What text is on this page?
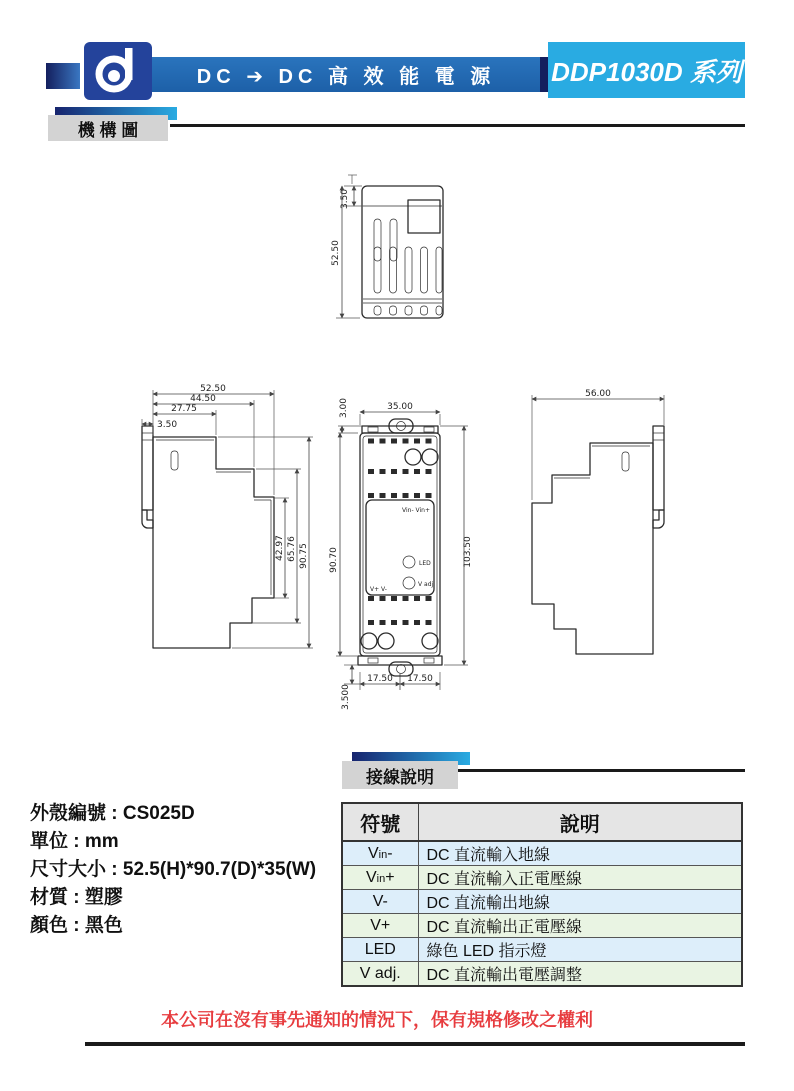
DC ➔ DC 高 效 能 電 源 DDP1030D 系列
機 構 圖
3.50
52.50
52.50
44.50
27.75
3.50
42.97 65.76 90.75
Vin- Vin+
LED
V adj.
V+ V-
35.00
3.00
90.70	103.50
3.500
17.50 17.50
56.00
接線說明
外殼編號 : CS025D
單位 : mm
尺寸大小 : 52.5(H)*90.7(D)*35(W)
材質 : 塑膠
顏色 : 黑色
符號	說明
Vin-	DC 直流輸入地線
Vin+	DC 直流輸入正電壓線
V-	DC 直流輸出地線
V+	DC 直流輸出正電壓線
LED	綠色 LED 指示燈
V adj.	DC 直流輸出電壓調整
本公司在沒有事先通知的情況下，保有規格修改之權利
